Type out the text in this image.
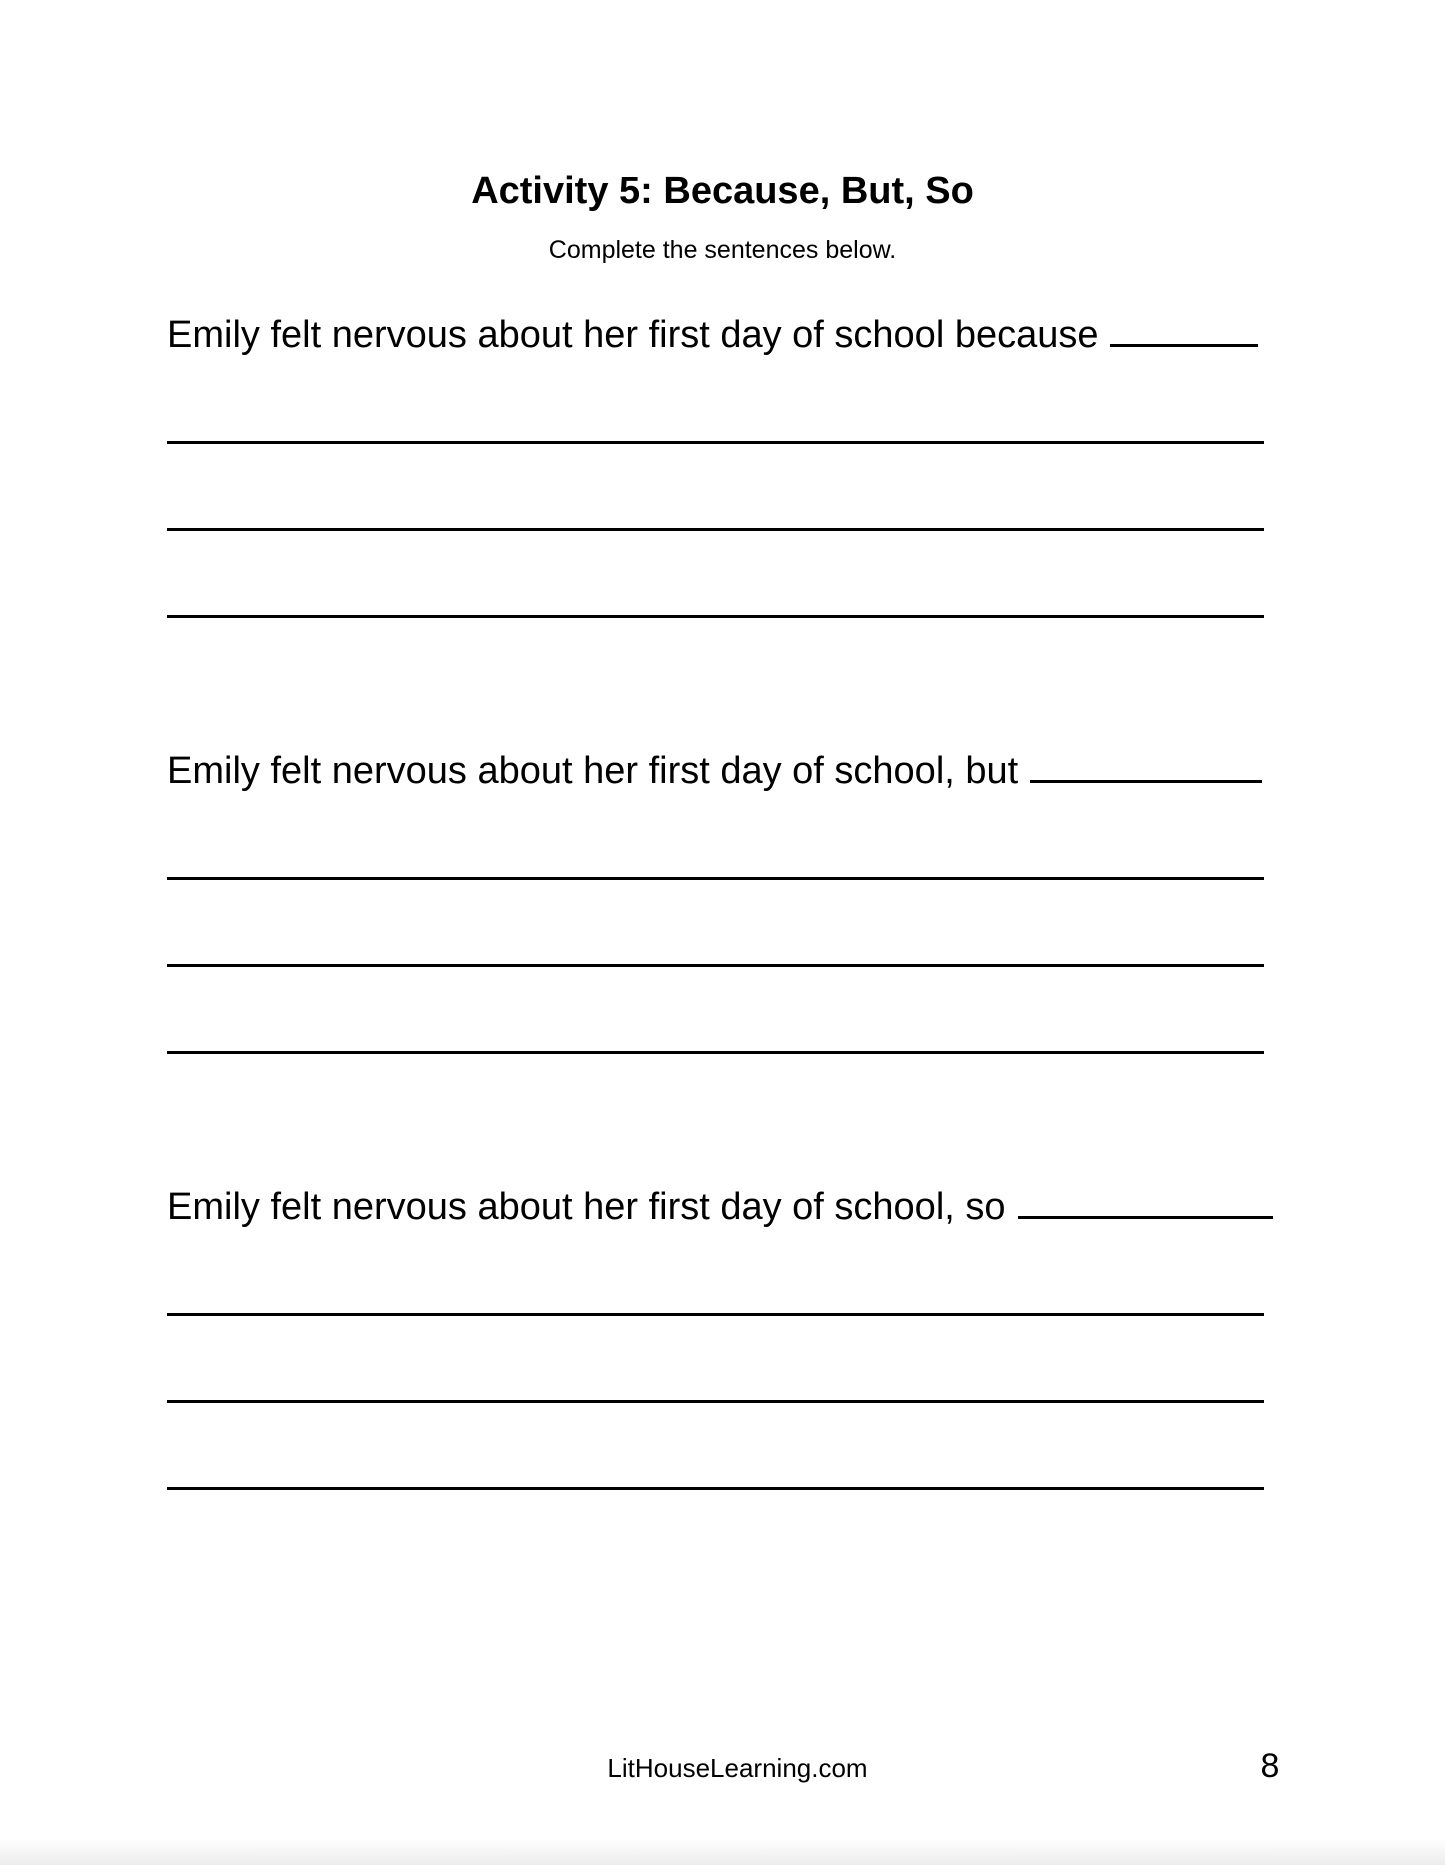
Activity 5: Because, But, So
Complete the sentences below.
Emily felt nervous about her first day of school because
Emily felt nervous about her first day of school, but
Emily felt nervous about her first day of school, so
LitHouseLearning.com	8
